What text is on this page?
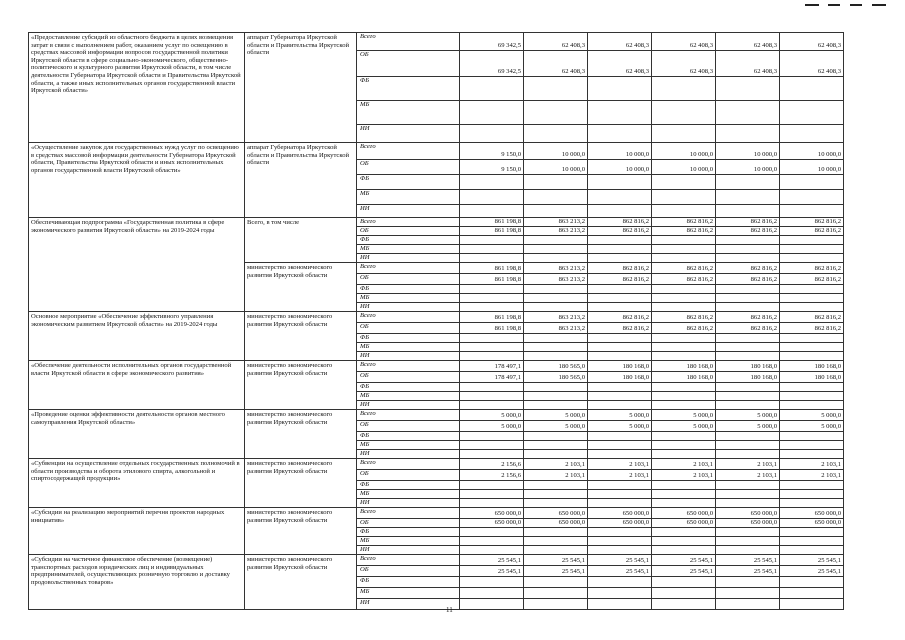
«Предоставление субсидий из областного бюджета в целях возмещения затрат в связи с выполнением работ, оказанием услуг по освещению в средствах массовой информации вопросов государственной политики Иркутской области в сфере социально-экономического, общественно-политического и культурного развития Иркутской области, в том числе деятельности Губернатора Иркутской области и Правительства Иркутской области, а также иных исполнительных органов государственной власти Иркутской области»	аппарат Губернатора Иркутской области и Правительства Иркутской области	Всего	69 342,5	62 408,3	62 408,3	62 408,3	62 408,3	62 408,3
		ОБ	69 342,5	62 408,3	62 408,3	62 408,3	62 408,3	62 408,3
		ФБ						
		МБ						
		ИИ						
«Осуществление закупок для государственных нужд услуг по освещению в средствах массовой информации деятельности Губернатора Иркутской области, Правительства Иркутской области и иных исполнительных органов государственной власти Иркутской области»	аппарат Губернатора Иркутской области и Правительства Иркутской области	Всего	9 150,0	10 000,0	10 000,0	10 000,0	10 000,0	10 000,0
		ОБ	9 150,0	10 000,0	10 000,0	10 000,0	10 000,0	10 000,0
		ФБ						
		МБ						
		ИИ						
Обеспечивающая подпрограмма «Государственная политика в сфере экономического развития Иркутской области» на 2019-2024 годы	Всего, в том числе	Всего	861 198,8	863 213,2	862 816,2	862 816,2	862 816,2	862 816,2
		ОБ	861 198,8	863 213,2	862 816,2	862 816,2	862 816,2	862 816,2
		ФБ						
		МБ						
		ИИ						
	министерство экономического развития Иркутской области	Всего	861 198,8	863 213,2	862 816,2	862 816,2	862 816,2	862 816,2
		ОБ	861 198,8	863 213,2	862 816,2	862 816,2	862 816,2	862 816,2
		ФБ						
		МБ						
		ИИ						
Основное мероприятие «Обеспечение эффективного управления экономическим развитием Иркутской области» на 2019-2024 годы	министерство экономического развития Иркутской области	Всего	861 198,8	863 213,2	862 816,2	862 816,2	862 816,2	862 816,2
		ОБ	861 198,8	863 213,2	862 816,2	862 816,2	862 816,2	862 816,2
		ФБ						
		МБ						
		ИИ						
«Обеспечение деятельности исполнительных органов государственной власти Иркутской области в сфере экономического развития»	министерство экономического развития Иркутской области	Всего	178 497,1	180 565,0	180 168,0	180 168,0	180 168,0	180 168,0
		ОБ	178 497,1	180 565,0	180 168,0	180 168,0	180 168,0	180 168,0
		ФБ						
		МБ						
		ИИ						
«Проведение оценки эффективности деятельности органов местного самоуправления Иркутской области»	министерство экономического развития Иркутской области	Всего	5 000,0	5 000,0	5 000,0	5 000,0	5 000,0	5 000,0
		ОБ	5 000,0	5 000,0	5 000,0	5 000,0	5 000,0	5 000,0
		ФБ						
		МБ						
		ИИ						
«Субвенции на осуществление отдельных государственных полномочий в области производства и оборота этилового спирта, алкогольной и спиртосодержащей продукции»	министерство экономического развития Иркутской области	Всего	2 156,6	2 103,1	2 103,1	2 103,1	2 103,1	2 103,1
		ОБ	2 156,6	2 103,1	2 103,1	2 103,1	2 103,1	2 103,1
		ФБ						
		МБ						
		ИИ						
«Субсидии на реализацию мероприятий перечня проектов народных инициатив»	министерство экономического развития Иркутской области	Всего	650 000,0	650 000,0	650 000,0	650 000,0	650 000,0	650 000,0
		ОБ	650 000,0	650 000,0	650 000,0	650 000,0	650 000,0	650 000,0
		ФБ						
		МБ						
		ИИ						
«Субсидии на частичное финансовое обеспечение (возмещение) транспортных расходов юридических лиц и индивидуальных предпринимателей, осуществляющих розничную торговлю и доставку продовольственных товаров»	министерство экономического развития Иркутской области	Всего	25 545,1	25 545,1	25 545,1	25 545,1	25 545,1	25 545,1
		ОБ	25 545,1	25 545,1	25 545,1	25 545,1	25 545,1	25 545,1
		ФБ						
		МБ						
		ИИ						
11
